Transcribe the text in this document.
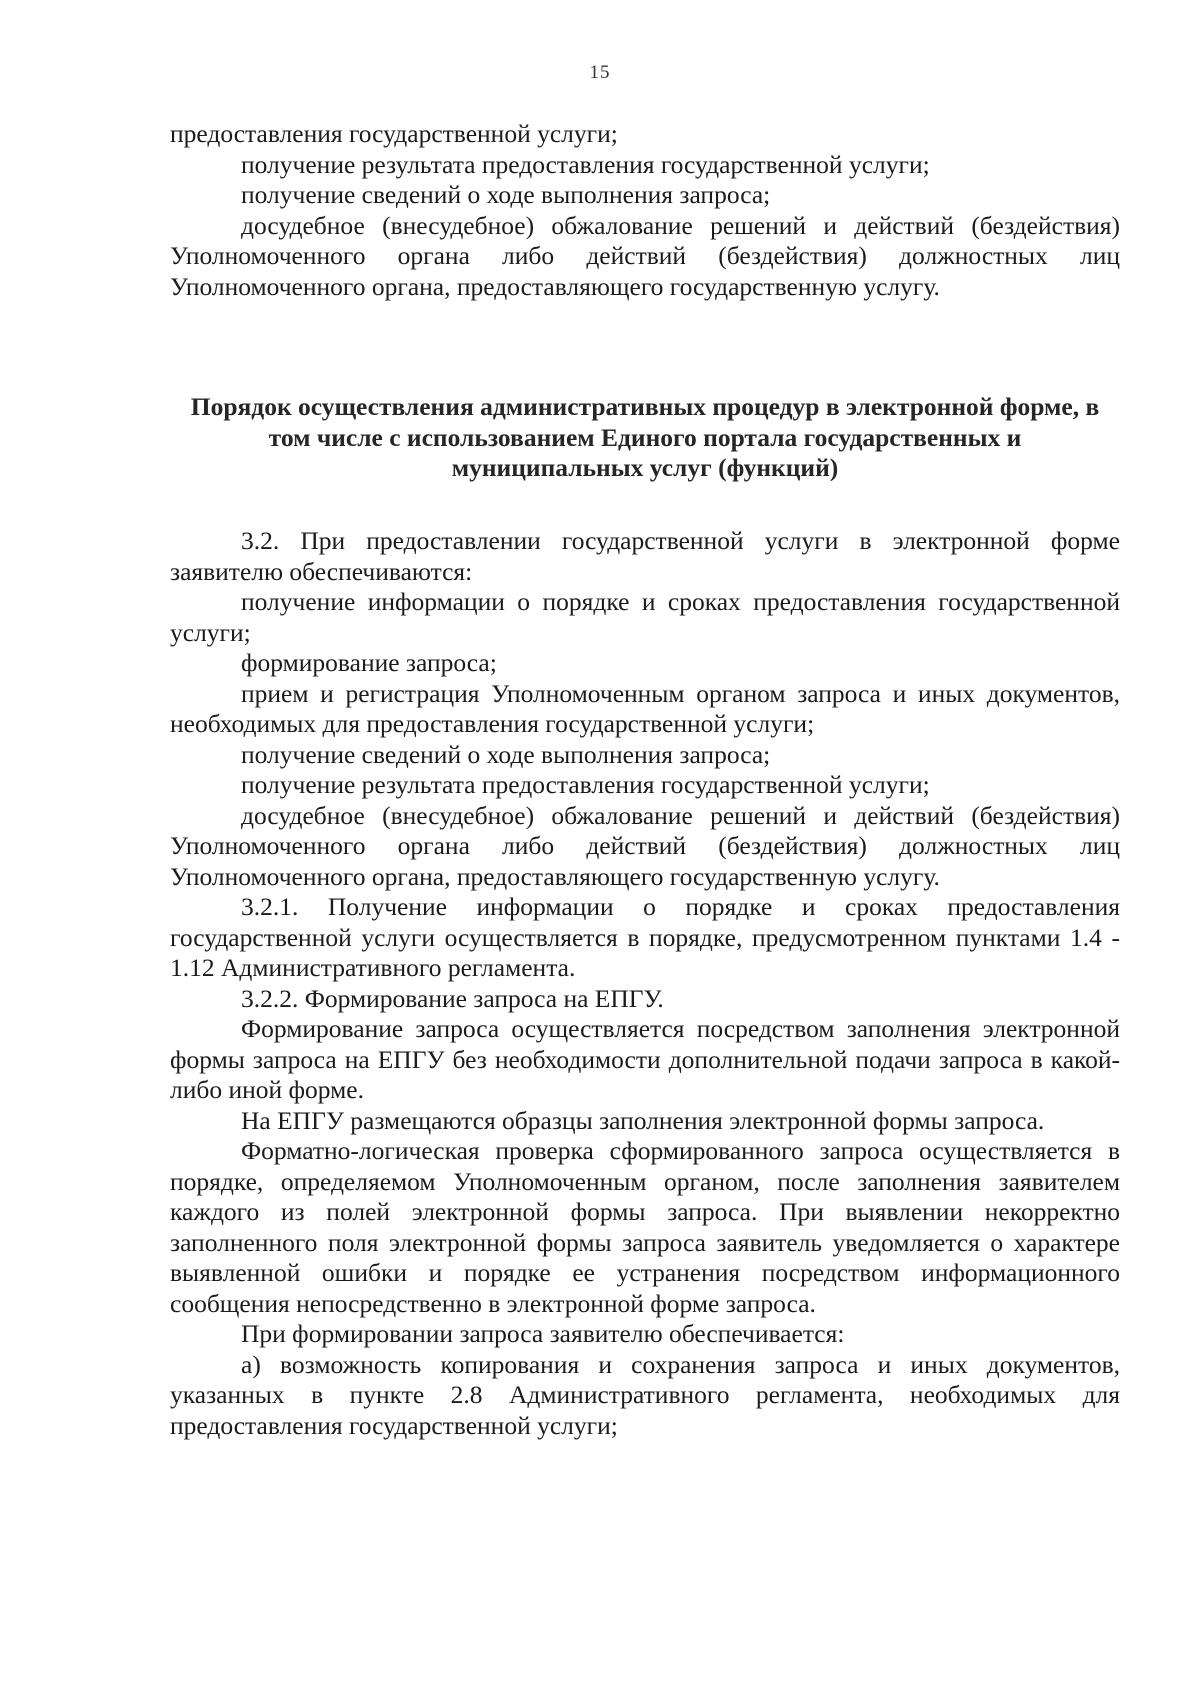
15

предоставления государственной услуги;

получение результата предоставления государственной услуги;

получение сведений о ходе выполнения запроса;

досудебное (внесудебное) обжалование решений и действий (бездействия) Уполномоченного органа либо действий (бездействия) должностных лиц Уполномоченного органа, предоставляющего государственную услугу.

Порядок осуществления административных процедур в электронной форме, в том числе с использованием Единого портала государственных и муниципальных услуг (функций)

3.2. При предоставлении государственной услуги в электронной форме заявителю обеспечиваются:

получение информации о порядке и сроках предоставления государственной услуги;

формирование запроса;

прием и регистрация Уполномоченным органом запроса и иных документов, необходимых для предоставления государственной услуги;

получение сведений о ходе выполнения запроса;

получение результата предоставления государственной услуги;

досудебное (внесудебное) обжалование решений и действий (бездействия) Уполномоченного органа либо действий (бездействия) должностных лиц Уполномоченного органа, предоставляющего государственную услугу.

3.2.1. Получение информации о порядке и сроках предоставления государственной услуги осуществляется в порядке, предусмотренном пунктами 1.4 - 1.12 Административного регламента.

3.2.2. Формирование запроса на ЕПГУ.

Формирование запроса осуществляется посредством заполнения электронной формы запроса на ЕПГУ без необходимости дополнительной подачи запроса в какой-либо иной форме.

На ЕПГУ размещаются образцы заполнения электронной формы запроса.

Форматно-логическая проверка сформированного запроса осуществляется в порядке, определяемом Уполномоченным органом, после заполнения заявителем каждого из полей электронной формы запроса. При выявлении некорректно заполненного поля электронной формы запроса заявитель уведомляется о характере выявленной ошибки и порядке ее устранения посредством информационного сообщения непосредственно в электронной форме запроса.

При формировании запроса заявителю обеспечивается:

а) возможность копирования и сохранения запроса и иных документов, указанных в пункте 2.8 Административного регламента, необходимых для предоставления государственной услуги;
